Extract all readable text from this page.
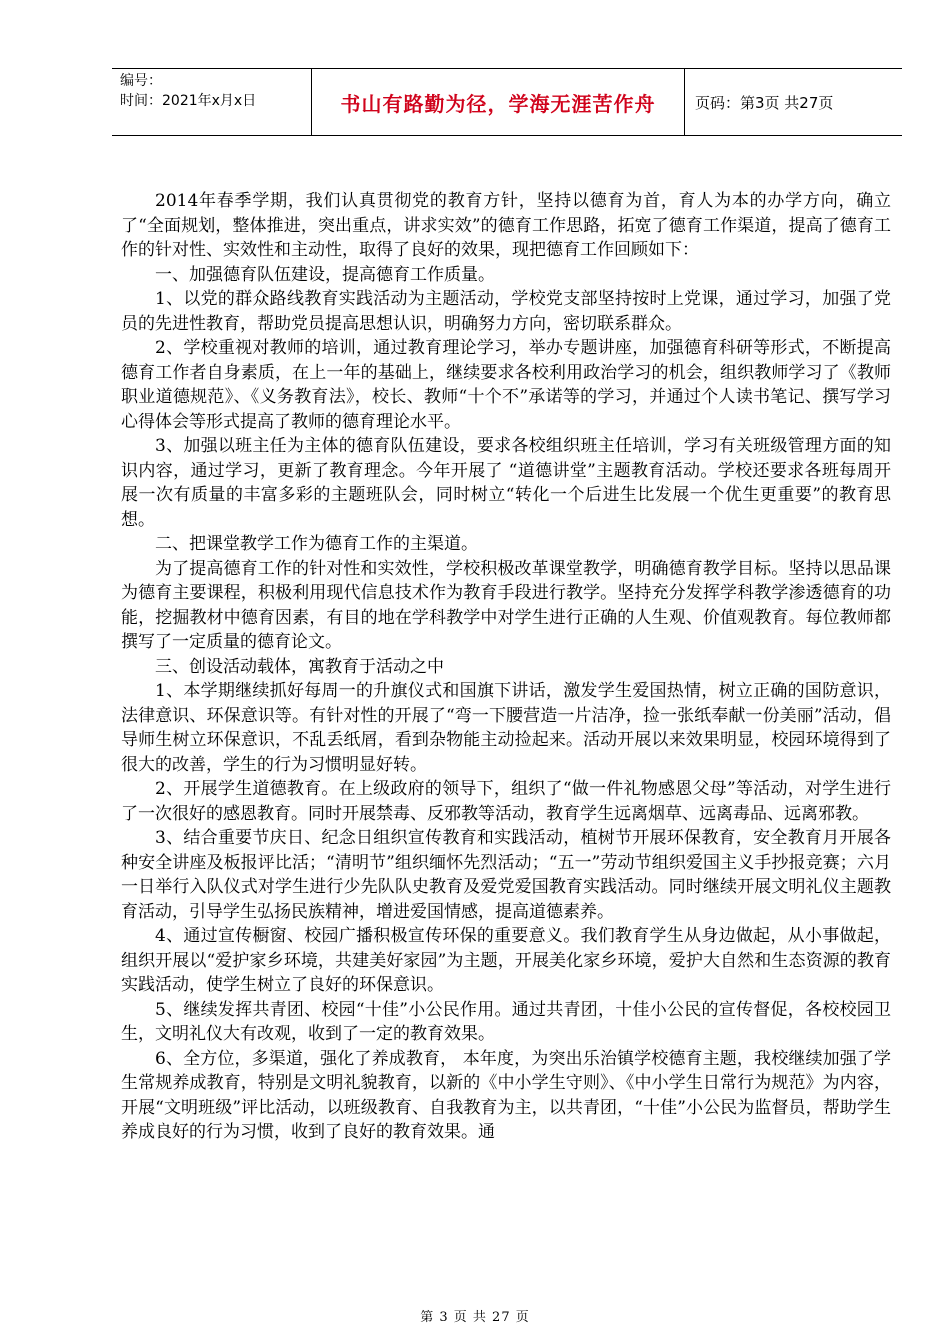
编号：
时间：2021年x月x日	书山有路勤为径，学海无涯苦作舟	页码：第3页 共27页

2014年春季学期，我们认真贯彻党的教育方针，坚持以德育为首，育人为本的办学方向，确立了“全面规划，整体推进，突出重点，讲求实效”的德育工作思路，拓宽了德育工作渠道，提高了德育工作的针对性、实效性和主动性，取得了良好的效果，现把德育工作回顾如下：

一、加强德育队伍建设，提高德育工作质量。

1、以党的群众路线教育实践活动为主题活动，学校党支部坚持按时上党课，通过学习，加强了党员的先进性教育，帮助党员提高思想认识，明确努力方向，密切联系群众。

2、学校重视对教师的培训，通过教育理论学习，举办专题讲座，加强德育科研等形式，不断提高德育工作者自身素质，在上一年的基础上，继续要求各校利用政治学习的机会，组织教师学习了《教师职业道德规范》、《义务教育法》，校长、教师“十个不”承诺等的学习，并通过个人读书笔记、撰写学习心得体会等形式提高了教师的德育理论水平。

3、加强以班主任为主体的德育队伍建设，要求各校组织班主任培训，学习有关班级管理方面的知识内容，通过学习，更新了教育理念。今年开展了 “道德讲堂”主题教育活动。学校还要求各班每周开展一次有质量的丰富多彩的主题班队会，同时树立“转化一个后进生比发展一个优生更重要”的教育思想。

二、把课堂教学工作为德育工作的主渠道。

为了提高德育工作的针对性和实效性，学校积极改革课堂教学，明确德育教学目标。坚持以思品课为德育主要课程，积极利用现代信息技术作为教育手段进行教学。坚持充分发挥学科教学渗透德育的功能，挖掘教材中德育因素，有目的地在学科教学中对学生进行正确的人生观、价值观教育。每位教师都撰写了一定质量的德育论文。

三、创设活动载体，寓教育于活动之中

1、本学期继续抓好每周一的升旗仪式和国旗下讲话，激发学生爱国热情，树立正确的国防意识，法律意识、环保意识等。有针对性的开展了“弯一下腰营造一片洁净，捡一张纸奉献一份美丽”活动，倡导师生树立环保意识，不乱丢纸屑，看到杂物能主动捡起来。活动开展以来效果明显，校园环境得到了很大的改善，学生的行为习惯明显好转。

2、开展学生道德教育。在上级政府的领导下，组织了“做一件礼物感恩父母”等活动，对学生进行了一次很好的感恩教育。同时开展禁毒、反邪教等活动，教育学生远离烟草、远离毒品、远离邪教。

3、结合重要节庆日、纪念日组织宣传教育和实践活动，植树节开展环保教育，安全教育月开展各种安全讲座及板报评比活；“清明节”组织缅怀先烈活动；“五一”劳动节组织爱国主义手抄报竞赛；六月一日举行入队仪式对学生进行少先队队史教育及爱党爱国教育实践活动。同时继续开展文明礼仪主题教育活动，引导学生弘扬民族精神，增进爱国情感，提高道德素养。

4、通过宣传橱窗、校园广播积极宣传环保的重要意义。我们教育学生从身边做起，从小事做起，组织开展以“爱护家乡环境，共建美好家园”为主题，开展美化家乡环境，爱护大自然和生态资源的教育实践活动，使学生树立了良好的环保意识。

5、继续发挥共青团、校园“十佳”小公民作用。通过共青团，十佳小公民的宣传督促，各校校园卫生，文明礼仪大有改观，收到了一定的教育效果。

6、全方位，多渠道，强化了养成教育， 本年度，为突出乐治镇学校德育主题，我校继续加强了学生常规养成教育，特别是文明礼貌教育，以新的《中小学生守则》、《中小学生日常行为规范》为内容，开展“文明班级”评比活动，以班级教育、自我教育为主，以共青团，“十佳”小公民为监督员，帮助学生养成良好的行为习惯，收到了良好的教育效果。通

第 3 页 共 27 页
